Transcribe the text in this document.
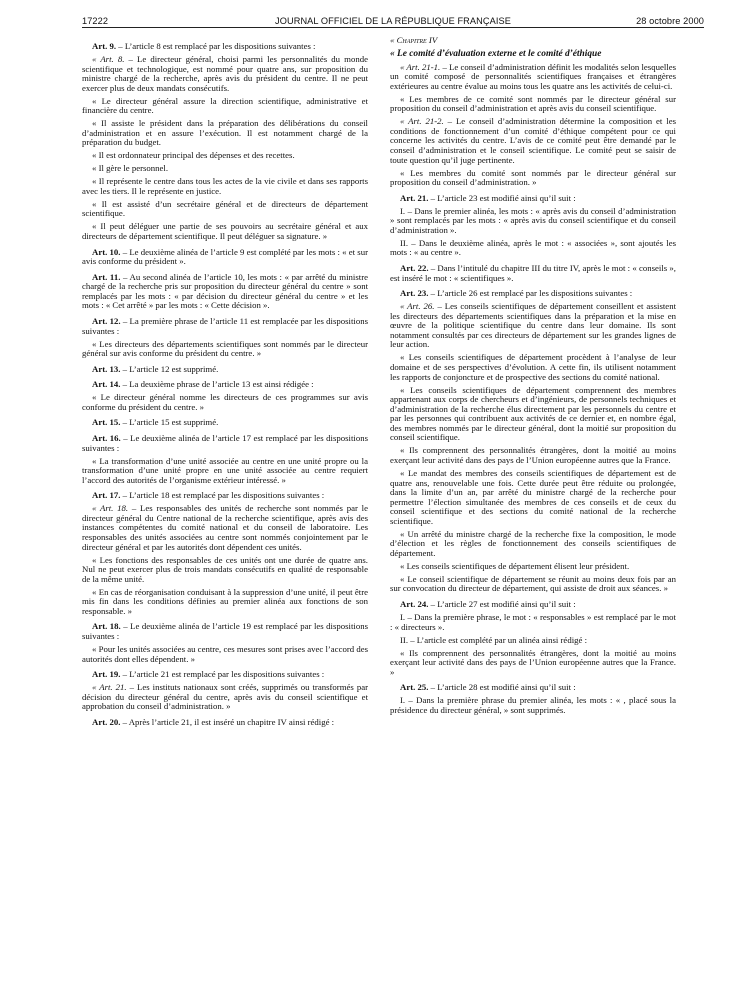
17222	JOURNAL OFFICIEL DE LA RÉPUBLIQUE FRANÇAISE	28 octobre 2000

Art. 9. – L’article 8 est remplacé par les dispositions suivantes :

« Art. 8. – Le directeur général, choisi parmi les personnalités du monde scientifique et technologique, est nommé pour quatre ans, sur proposition du ministre chargé de la recherche, après avis du président du centre. Il ne peut exercer plus de deux mandats consécutifs.

« Le directeur général assure la direction scientifique, administrative et financière du centre.

« Il assiste le président dans la préparation des délibérations du conseil d’administration et en assure l’exécution. Il est notamment chargé de la préparation du budget.

« Il est ordonnateur principal des dépenses et des recettes.

« Il gère le personnel.

« Il représente le centre dans tous les actes de la vie civile et dans ses rapports avec les tiers. Il le représente en justice.

« Il est assisté d’un secrétaire général et de directeurs de département scientifique.

« Il peut déléguer une partie de ses pouvoirs au secrétaire général et aux directeurs de département scientifique. Il peut déléguer sa signature. »

Art. 10. – Le deuxième alinéa de l’article 9 est complété par les mots : « et sur avis conforme du président ».

Art. 11. – Au second alinéa de l’article 10, les mots : « par arrêté du ministre chargé de la recherche pris sur proposition du directeur général du centre » sont remplacés par les mots : « par décision du directeur général du centre » et les mots : « Cet arrêté » par les mots : « Cette décision ».

Art. 12. – La première phrase de l’article 11 est remplacée par les dispositions suivantes :

« Les directeurs des départements scientifiques sont nommés par le directeur général sur avis conforme du président du centre. »

Art. 13. – L’article 12 est supprimé.

Art. 14. – La deuxième phrase de l’article 13 est ainsi rédigée :

« Le directeur général nomme les directeurs de ces programmes sur avis conforme du président du centre. »

Art. 15. – L’article 15 est supprimé.

Art. 16. – Le deuxième alinéa de l’article 17 est remplacé par les dispositions suivantes :

« La transformation d’une unité associée au centre en une unité propre ou la transformation d’une unité propre en une unité associée au centre requiert l’accord des autorités de l’organisme extérieur intéressé. »

Art. 17. – L’article 18 est remplacé par les dispositions suivantes :

« Art. 18. – Les responsables des unités de recherche sont nommés par le directeur général du Centre national de la recherche scientifique, après avis des instances compétentes du comité national et du conseil de laboratoire. Les responsables des unités associées au centre sont nommés conjointement par le directeur général et par les autorités dont dépendent ces unités.

« Les fonctions des responsables de ces unités ont une durée de quatre ans. Nul ne peut exercer plus de trois mandats consécutifs en qualité de responsable de la même unité.

« En cas de réorganisation conduisant à la suppression d’une unité, il peut être mis fin dans les conditions définies au premier alinéa aux fonctions de son responsable. »

Art. 18. – Le deuxième alinéa de l’article 19 est remplacé par les dispositions suivantes :

« Pour les unités associées au centre, ces mesures sont prises avec l’accord des autorités dont elles dépendent. »

Art. 19. – L’article 21 est remplacé par les dispositions suivantes :

« Art. 21. – Les instituts nationaux sont créés, supprimés ou transformés par décision du directeur général du centre, après avis du conseil scientifique et approbation du conseil d’administration. »

Art. 20. – Après l’article 21, il est inséré un chapitre IV ainsi rédigé :

« Chapitre IV

« Le comité d’évaluation externe et le comité d’éthique

« Art. 21-1. – Le conseil d’administration définit les modalités selon lesquelles un comité composé de personnalités scientifiques françaises et étrangères extérieures au centre évalue au moins tous les quatre ans les activités de celui-ci.

« Les membres de ce comité sont nommés par le directeur général sur proposition du conseil d’administration et après avis du conseil scientifique.

« Art. 21-2. – Le conseil d’administration détermine la composition et les conditions de fonctionnement d’un comité d’éthique compétent pour ce qui concerne les activités du centre. L’avis de ce comité peut être demandé par le conseil d’administration et le conseil scientifique. Le comité peut se saisir de toute question qu’il juge pertinente.

« Les membres du comité sont nommés par le directeur général sur proposition du conseil d’administration. »

Art. 21. – L’article 23 est modifié ainsi qu’il suit :

I. – Dans le premier alinéa, les mots : « après avis du conseil d’administration » sont remplacés par les mots : « après avis du conseil scientifique et du conseil d’administration ».

II. – Dans le deuxième alinéa, après le mot : « associées », sont ajoutés les mots : « au centre ».

Art. 22. – Dans l’intitulé du chapitre III du titre IV, après le mot : « conseils », est inséré le mot : « scientifiques ».

Art. 23. – L’article 26 est remplacé par les dispositions suivantes :

« Art. 26. – Les conseils scientifiques de département conseillent et assistent les directeurs des départements scientifiques dans la préparation et la mise en œuvre de la politique scientifique du centre dans leur domaine. Ils sont notamment consultés par ces directeurs de département sur les grandes lignes de leur action.

« Les conseils scientifiques de département procèdent à l’analyse de leur domaine et de ses perspectives d’évolution. A cette fin, ils utilisent notamment les rapports de conjoncture et de prospective des sections du comité national.

« Les conseils scientifiques de département comprennent des membres appartenant aux corps de chercheurs et d’ingénieurs, de personnels techniques et d’administration de la recherche élus directement par les personnels du centre et par les personnes qui contribuent aux activités de ce dernier et, en nombre égal, des membres nommés par le directeur général, dont la moitié sur proposition du conseil scientifique.

« Ils comprennent des personnalités étrangères, dont la moitié au moins exerçant leur activité dans des pays de l’Union européenne autres que la France.

« Le mandat des membres des conseils scientifiques de département est de quatre ans, renouvelable une fois. Cette durée peut être réduite ou prolongée, dans la limite d’un an, par arrêté du ministre chargé de la recherche pour permettre l’élection simultanée des membres de ces conseils et de ceux du conseil scientifique et des sections du comité national de la recherche scientifique.

« Un arrêté du ministre chargé de la recherche fixe la composition, le mode d’élection et les règles de fonctionnement des conseils scientifiques de département.

« Les conseils scientifiques de département élisent leur président.

« Le conseil scientifique de département se réunit au moins deux fois par an sur convocation du directeur de département, qui assiste de droit aux séances. »

Art. 24. – L’article 27 est modifié ainsi qu’il suit :

I. – Dans la première phrase, le mot : « responsables » est remplacé par le mot : « directeurs ».

II. – L’article est complété par un alinéa ainsi rédigé :

« Ils comprennent des personnalités étrangères, dont la moitié au moins exerçant leur activité dans des pays de l’Union européenne autres que la France. »

Art. 25. – L’article 28 est modifié ainsi qu’il suit :

I. – Dans la première phrase du premier alinéa, les mots : « , placé sous la présidence du directeur général, » sont supprimés.
